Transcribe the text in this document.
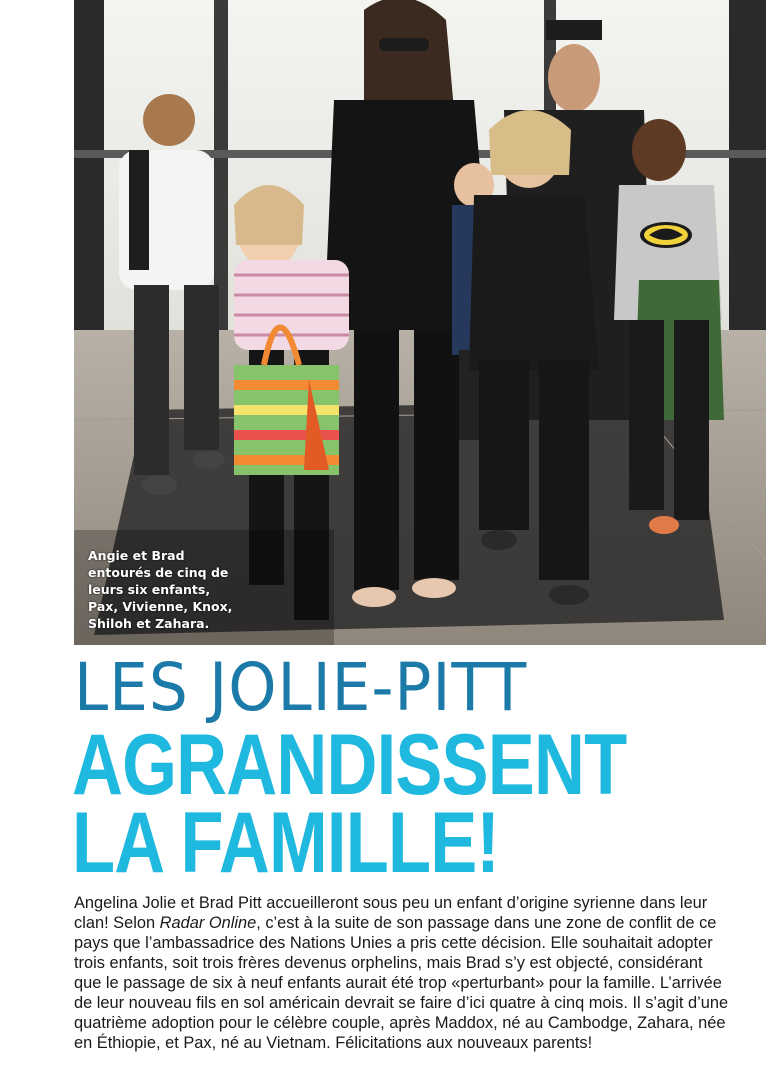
Angie et Brad
entourés de cinq de
leurs six enfants,
Pax, Vivienne, Knox,
Shiloh et Zahara.
LES JOLIE-PITT
AGRANDISSENT
LA FAMILLE!
Angelina Jolie et Brad Pitt accueilleront sous peu un enfant d’origine syrienne dans leur
clan! Selon Radar Online, c’est à la suite de son passage dans une zone de conflit de ce
pays que l’ambassadrice des Nations Unies a pris cette décision. Elle souhaitait adopter
trois enfants, soit trois frères devenus orphelins, mais Brad s’y est objecté, considérant
que le passage de six à neuf enfants aurait été trop «perturbant» pour la famille. L’arrivée
de leur nouveau fils en sol américain devrait se faire d’ici quatre à cinq mois. Il s’agit d’une
quatrième adoption pour le célèbre couple, après Maddox, né au Cambodge, Zahara, née
en Éthiopie, et Pax, né au Vietnam. Félicitations aux nouveaux parents!
